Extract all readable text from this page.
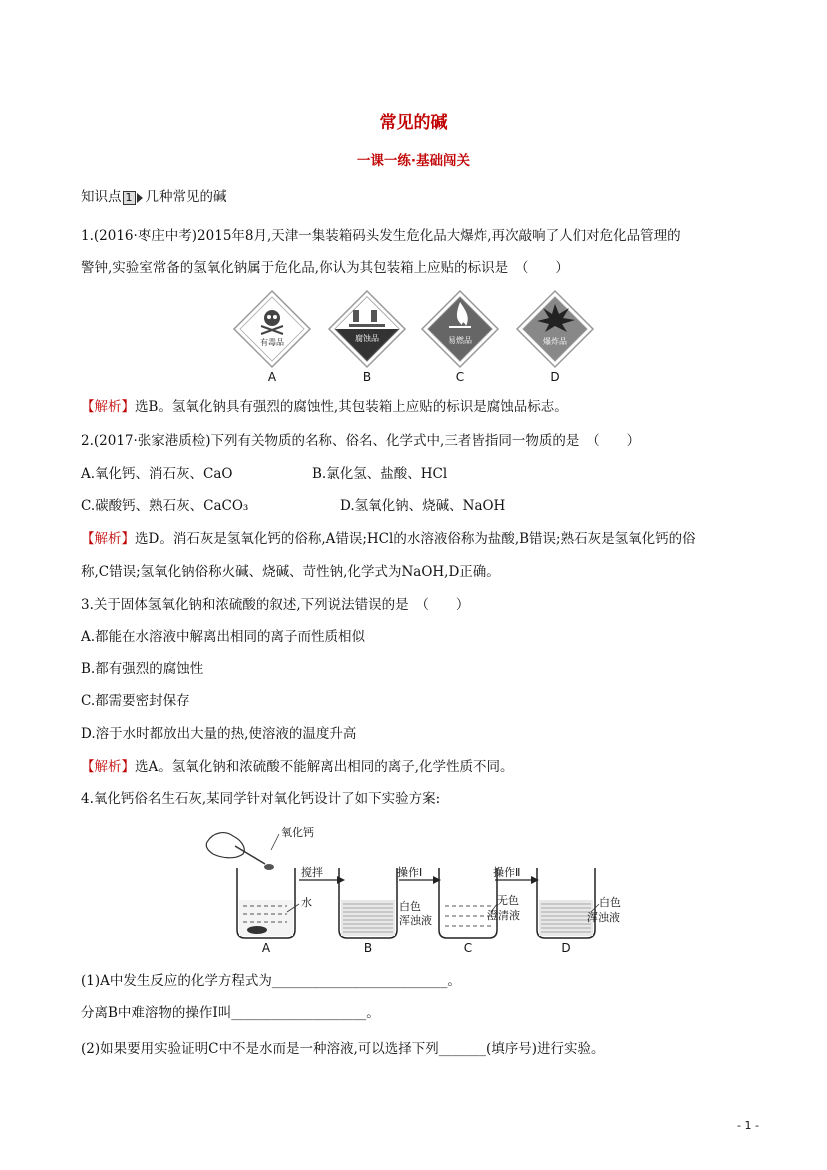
常见的碱
一课一练·基础闯关
知识点 1 几种常见的碱
1.(2016·枣庄中考)2015年8月,天津一集装箱码头发生危化品大爆炸,再次敲响了人们对危化品管理的
警钟,实验室常备的氢氧化钠属于危化品,你认为其包装箱上应贴的标识是　（　　）
有毒品	腐蚀品	易燃品	爆炸品
A	B	C	D
【解析】选B。氢氧化钠具有强烈的腐蚀性,其包装箱上应贴的标识是腐蚀品标志。
2.(2017·张家港质检)下列有关物质的名称、俗名、化学式中,三者皆指同一物质的是　（　　）
A.氧化钙、消石灰、CaO	B.氯化氢、盐酸、HCl
C.碳酸钙、熟石灰、CaCO₃	D.氢氧化钠、烧碱、NaOH
【解析】选D。消石灰是氢氧化钙的俗称,A错误;HCl的水溶液俗称为盐酸,B错误;熟石灰是氢氧化钙的俗
称,C错误;氢氧化钠俗称火碱、烧碱、苛性钠,化学式为NaOH,D正确。
3.关于固体氢氧化钠和浓硫酸的叙述,下列说法错误的是　（　　）
A.都能在水溶液中解离出相同的离子而性质相似
B.都有强烈的腐蚀性
C.都需要密封保存
D.溶于水时都放出大量的热,使溶液的温度升高
【解析】选A。氢氧化钠和浓硫酸不能解离出相同的离子,化学性质不同。
4.氧化钙俗名生石灰,某同学针对氧化钙设计了如下实验方案:
氧化钙
水
搅拌
白色
浑浊液
操作Ⅰ
无色
澄清液
操作Ⅱ
白色
浑浊液
A	B	C	D
(1)A中发生反应的化学方程式为__________________________。
分离B中难溶物的操作Ⅰ叫____________________。
(2)如果要用实验证明C中不是水而是一种溶液,可以选择下列_______(填序号)进行实验。
- 1 -
